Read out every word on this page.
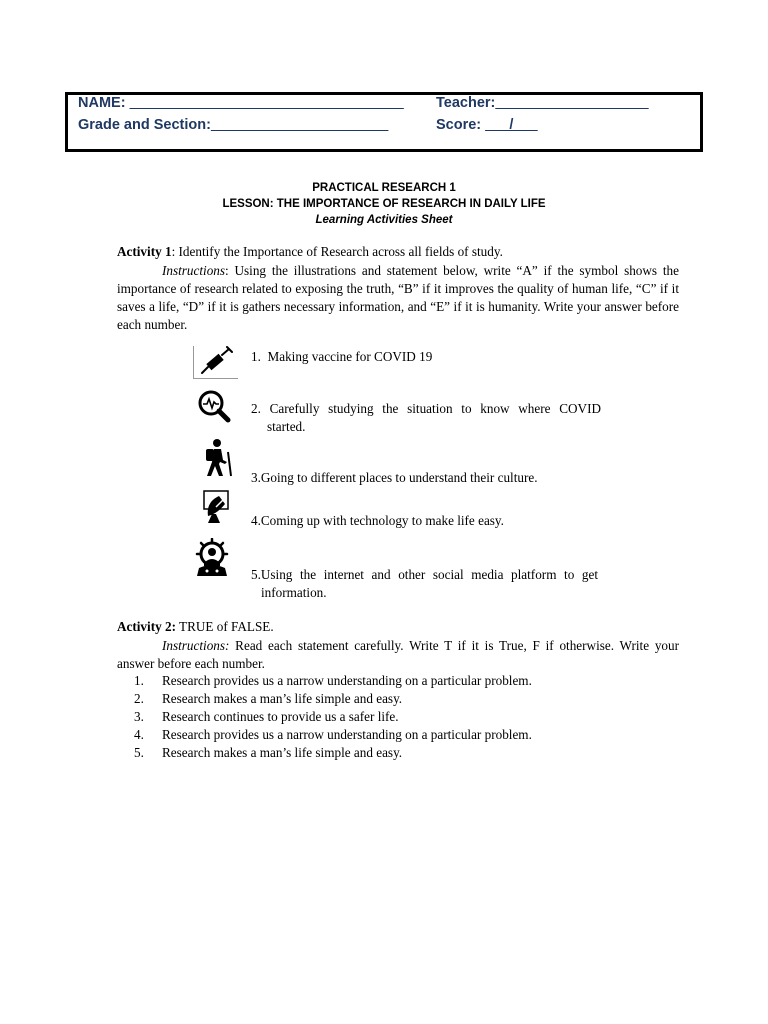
NAME: __________________________________ Teacher:___________________
Grade and Section:______________________	Score: ___/___
PRACTICAL RESEARCH 1
LESSON: THE IMPORTANCE OF RESEARCH IN DAILY LIFE
Learning Activities Sheet
Activity 1: Identify the Importance of Research across all fields of study.
Instructions: Using the illustrations and statement below, write “A” if the symbol shows the importance of research related to exposing the truth, “B” if it improves the quality of human life, “C” if it saves a life, “D” if it is gathers necessary information, and “E” if it is humanity. Write your answer before each number.
1. Making vaccine for COVID 19
2. Carefully studying the situation to know where COVID
started.
3.Going to different places to understand their culture.
4.Coming up with technology to make life easy.
5.Using the internet and other social media platform to get
information.
Activity 2: TRUE of FALSE.
Instructions: Read each statement carefully. Write T if it is True, F if otherwise. Write your answer before each number.
1. Research provides us a narrow understanding on a particular problem.
2. Research makes a man’s life simple and easy.
3. Research continues to provide us a safer life.
4. Research provides us a narrow understanding on a particular problem.
5. Research makes a man’s life simple and easy.
